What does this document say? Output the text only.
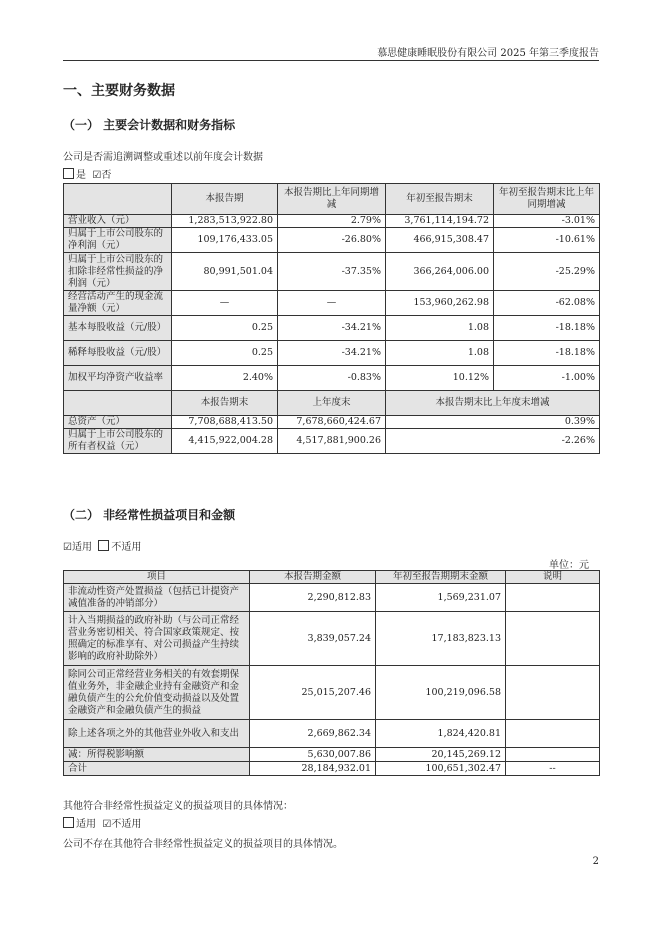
慕思健康睡眠股份有限公司 2025 年第三季度报告
一、主要财务数据
（一） 主要会计数据和财务指标
公司是否需追溯调整或重述以前年度会计数据
是 ☑否
	本报告期	本报告期比上年同期增减	年初至报告期末	年初至报告期末比上年同期增减
营业收入（元）	1,283,513,922.80	2.79%	3,761,114,194.72	-3.01%
归属于上市公司股东的净利润（元）	109,176,433.05	-26.80%	466,915,308.47	-10.61%
归属于上市公司股东的扣除非经常性损益的净利润（元）	80,991,501.04	-37.35%	366,264,006.00	-25.29%
经营活动产生的现金流量净额（元）	—	—	153,960,262.98	-62.08%
基本每股收益（元/股）	0.25	-34.21%	1.08	-18.18%
稀释每股收益（元/股）	0.25	-34.21%	1.08	-18.18%
加权平均净资产收益率	2.40%	-0.83%	10.12%	-1.00%
	本报告期末	上年度末	本报告期末比上年度末增减	
总资产（元）	7,708,688,413.50	7,678,660,424.67	0.39%	
归属于上市公司股东的所有者权益（元）	4,415,922,004.28	4,517,881,900.26	-2.26%	
（二） 非经常性损益项目和金额
☑适用 不适用
单位：元
项目	本报告期金额	年初至报告期期末金额	说明
非流动性资产处置损益（包括已计提资产减值准备的冲销部分）	2,290,812.83	1,569,231.07	
计入当期损益的政府补助（与公司正常经营业务密切相关、符合国家政策规定、按照确定的标准享有、对公司损益产生持续影响的政府补助除外）	3,839,057.24	17,183,823.13	
除同公司正常经营业务相关的有效套期保值业务外，非金融企业持有金融资产和金融负债产生的公允价值变动损益以及处置金融资产和金融负债产生的损益	25,015,207.46	100,219,096.58	
除上述各项之外的其他营业外收入和支出	2,669,862.34	1,824,420.81	
减：所得税影响额	5,630,007.86	20,145,269.12	
合计	28,184,932.01	100,651,302.47	--
其他符合非经常性损益定义的损益项目的具体情况：
适用 ☑不适用
公司不存在其他符合非经常性损益定义的损益项目的具体情况。
2
